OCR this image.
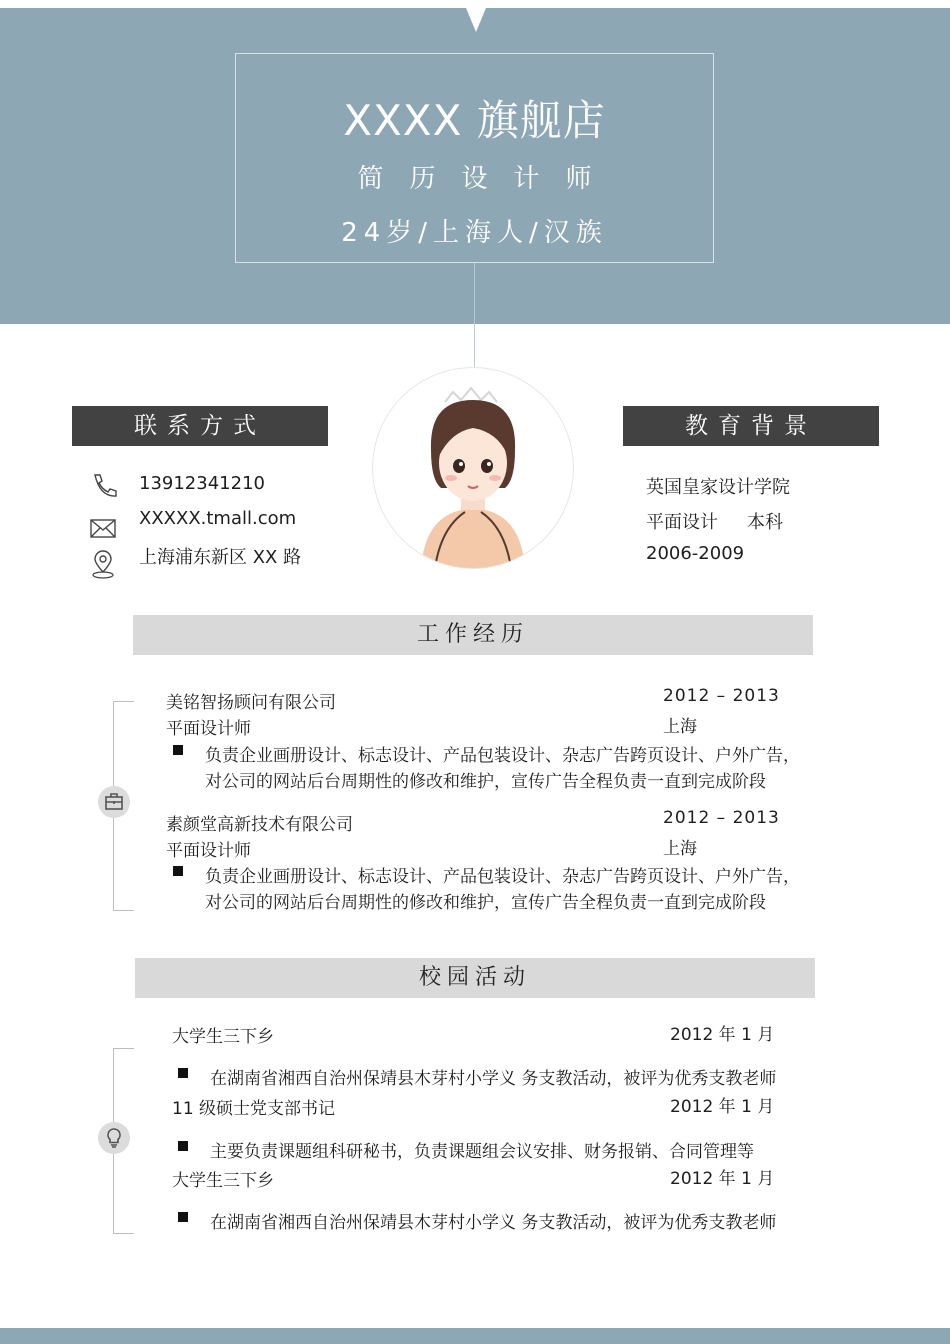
XXXX 旗舰店
简历设计师
24岁/上海人/汉族
联系方式
13912341210
XXXXX.tmall.com
上海浦东新区 XX 路
教育背景
英国皇家设计学院
平面设计 本科
2006-2009
工作经历
美铭智扬顾问有限公司	2012 – 2013
平面设计师	上海
负责企业画册设计、标志设计、产品包装设计、杂志广告跨页设计、户外广告，
对公司的网站后台周期性的修改和维护，宣传广告全程负责一直到完成阶段
素颜堂高新技术有限公司	2012 – 2013
平面设计师	上海
负责企业画册设计、标志设计、产品包装设计、杂志广告跨页设计、户外广告，
对公司的网站后台周期性的修改和维护，宣传广告全程负责一直到完成阶段
校园活动
大学生三下乡	2012 年 1 月
在湖南省湘西自治州保靖县木芽村小学义 务支教活动，被评为优秀支教老师
11 级硕士党支部书记	2012 年 1 月
主要负责课题组科研秘书，负责课题组会议安排、财务报销、合同管理等
大学生三下乡	2012 年 1 月
在湖南省湘西自治州保靖县木芽村小学义 务支教活动，被评为优秀支教老师
